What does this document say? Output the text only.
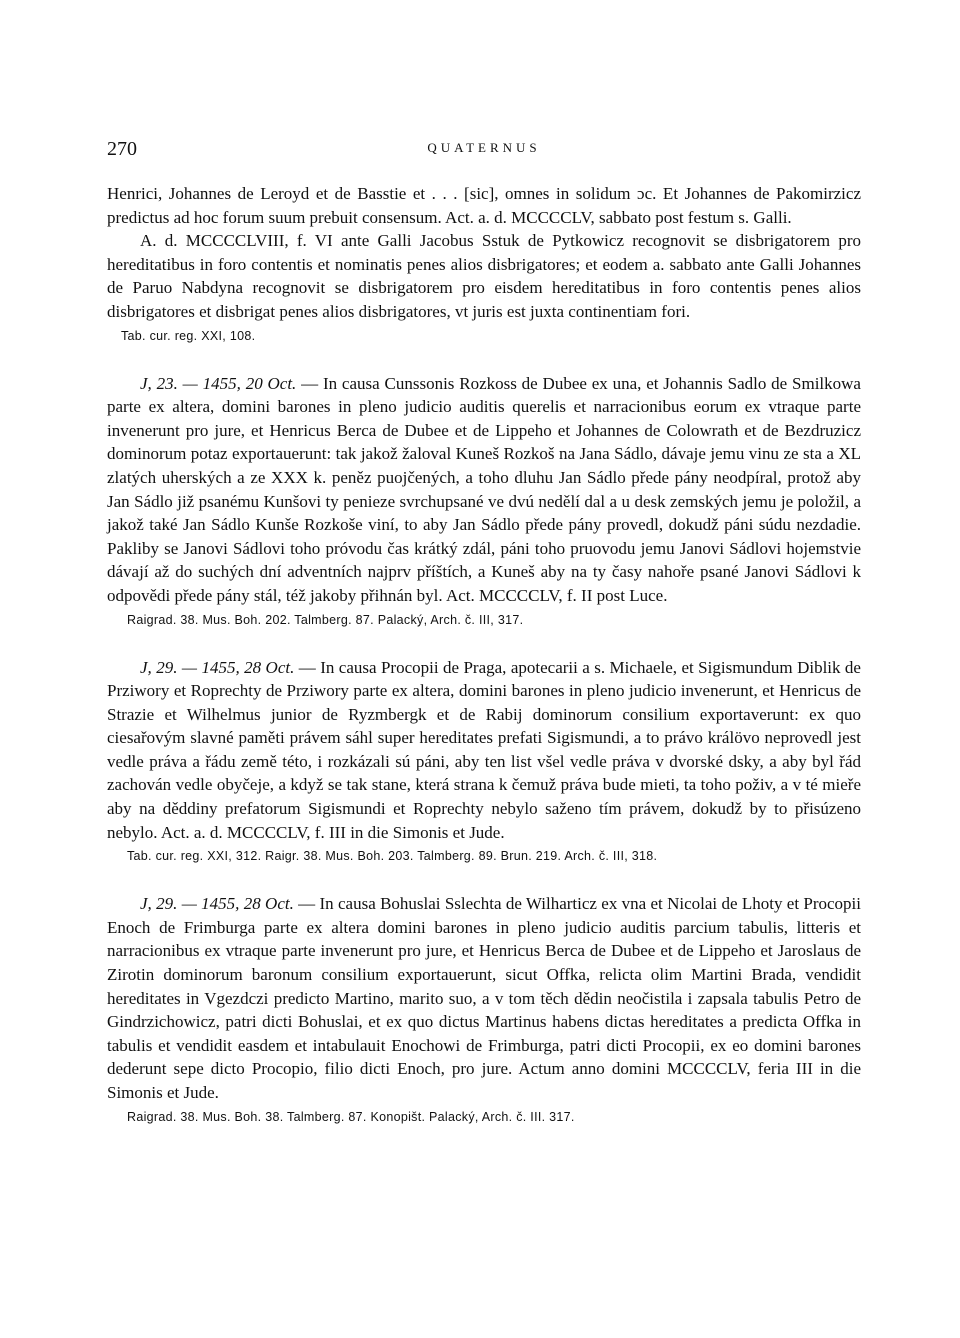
270	QUATERNUS

Henrici, Johannes de Leroyd et de Basstie et . . . [sic], omnes in solidum ɔc. Et Johannes de Pakomirzicz predictus ad hoc forum suum prebuit consensum. Act. a. d. MCCCCLV, sabbato post festum s. Galli.

A. d. MCCCCLVIII, f. VI ante Galli Jacobus Sstuk de Pytkowicz recognovit se disbrigatorem pro hereditatibus in foro contentis et nominatis penes alios disbrigatores; et eodem a. sabbato ante Galli Johannes de Paruo Nabdyna recognovit se disbrigatorem pro eisdem hereditatibus in foro contentis penes alios disbrigatores et disbrigat penes alios disbrigatores, vt juris est juxta continentiam fori.

Tab. cur. reg. XXI, 108.

J, 23. — 1455, 20 Oct. — In causa Cunssonis Rozkoss de Dubee ex una, et Johannis Sadlo de Smilkowa parte ex altera, domini barones in pleno judicio auditis querelis et narracionibus eorum ex vtraque parte invenerunt pro jure, et Henricus Berca de Dubee et de Lippeho et Johannes de Colowrath et de Bezdruzicz dominorum potaz exportauerunt: tak jakož žaloval Kuneš Rozkoš na Jana Sádlo, dávaje jemu vinu ze sta a XL zlatých uherských a ze XXX k. peněz puojčených, a toho dluhu Jan Sádlo přede pány neodpíral, protož aby Jan Sádlo již psanému Kunšovi ty penieze svrchupsané ve dvú nedělí dal a u desk zemských jemu je položil, a jakož také Jan Sádlo Kunše Rozkoše viní, to aby Jan Sádlo přede pány provedl, dokudž páni súdu nezdadie. Pakliby se Janovi Sádlovi toho próvodu čas krátký zdál, páni toho pruovodu jemu Janovi Sádlovi hojemstvie dávají až do suchých dní adventních najprv příštích, a Kuneš aby na ty časy nahoře psané Janovi Sádlovi k odpovědi přede pány stál, též jakoby přihnán byl. Act. MCCCCLV, f. II post Luce.

Raigrad. 38. Mus. Boh. 202. Talmberg. 87. Palacký, Arch. č. III, 317.

J, 29. — 1455, 28 Oct. — In causa Procopii de Praga, apotecarii a s. Michaele, et Sigismundum Diblik de Prziwory et Roprechty de Prziwory parte ex altera, domini barones in pleno judicio invenerunt, et Henricus de Strazie et Wilhelmus junior de Ryzmbergk et de Rabij dominorum consilium exportaverunt: ex quo ciesařovým slavné paměti právem sáhl super hereditates prefati Sigismundi, a to právo králövo neprovedl jest vedle práva a řádu země této, i rozkázali sú páni, aby ten list všel vedle práva v dvorské dsky, a aby byl řád zachován vedle obyčeje, a když se tak stane, která strana k čemuž práva bude mieti, ta toho poživ, a v té mieře aby na děddiny prefatorum Sigismundi et Roprechty nebylo saženo tím právem, dokudž by to přisúzeno nebylo. Act. a. d. MCCCCLV, f. III in die Simonis et Jude.

Tab. cur. reg. XXI, 312. Raigr. 38. Mus. Boh. 203. Talmberg. 89. Brun. 219. Arch. č. III, 318.

J, 29. — 1455, 28 Oct. — In causa Bohuslai Sslechta de Wilharticz ex vna et Nicolai de Lhoty et Procopii Enoch de Frimburga parte ex altera domini barones in pleno judicio auditis parcium tabulis, litteris et narracionibus ex vtraque parte invenerunt pro jure, et Henricus Berca de Dubee et de Lippeho et Jaroslaus de Zirotin dominorum baronum consilium exportauerunt, sicut Offka, relicta olim Martini Brada, vendidit hereditates in Vgezdczi predicto Martino, marito suo, a v tom těch dědin neočistila i zapsala tabulis Petro de Gindrzichowicz, patri dicti Bohuslai, et ex quo dictus Martinus habens dictas hereditates a predicta Offka in tabulis et vendidit easdem et intabulauit Enochowi de Frimburga, patri dicti Procopii, ex eo domini barones dederunt sepe dicto Procopio, filio dicti Enoch, pro jure. Actum anno domini MCCCCLV, feria III in die Simonis et Jude.

Raigrad. 38. Mus. Boh. 38. Talmberg. 87. Konopišt. Palacký, Arch. č. III. 317.
